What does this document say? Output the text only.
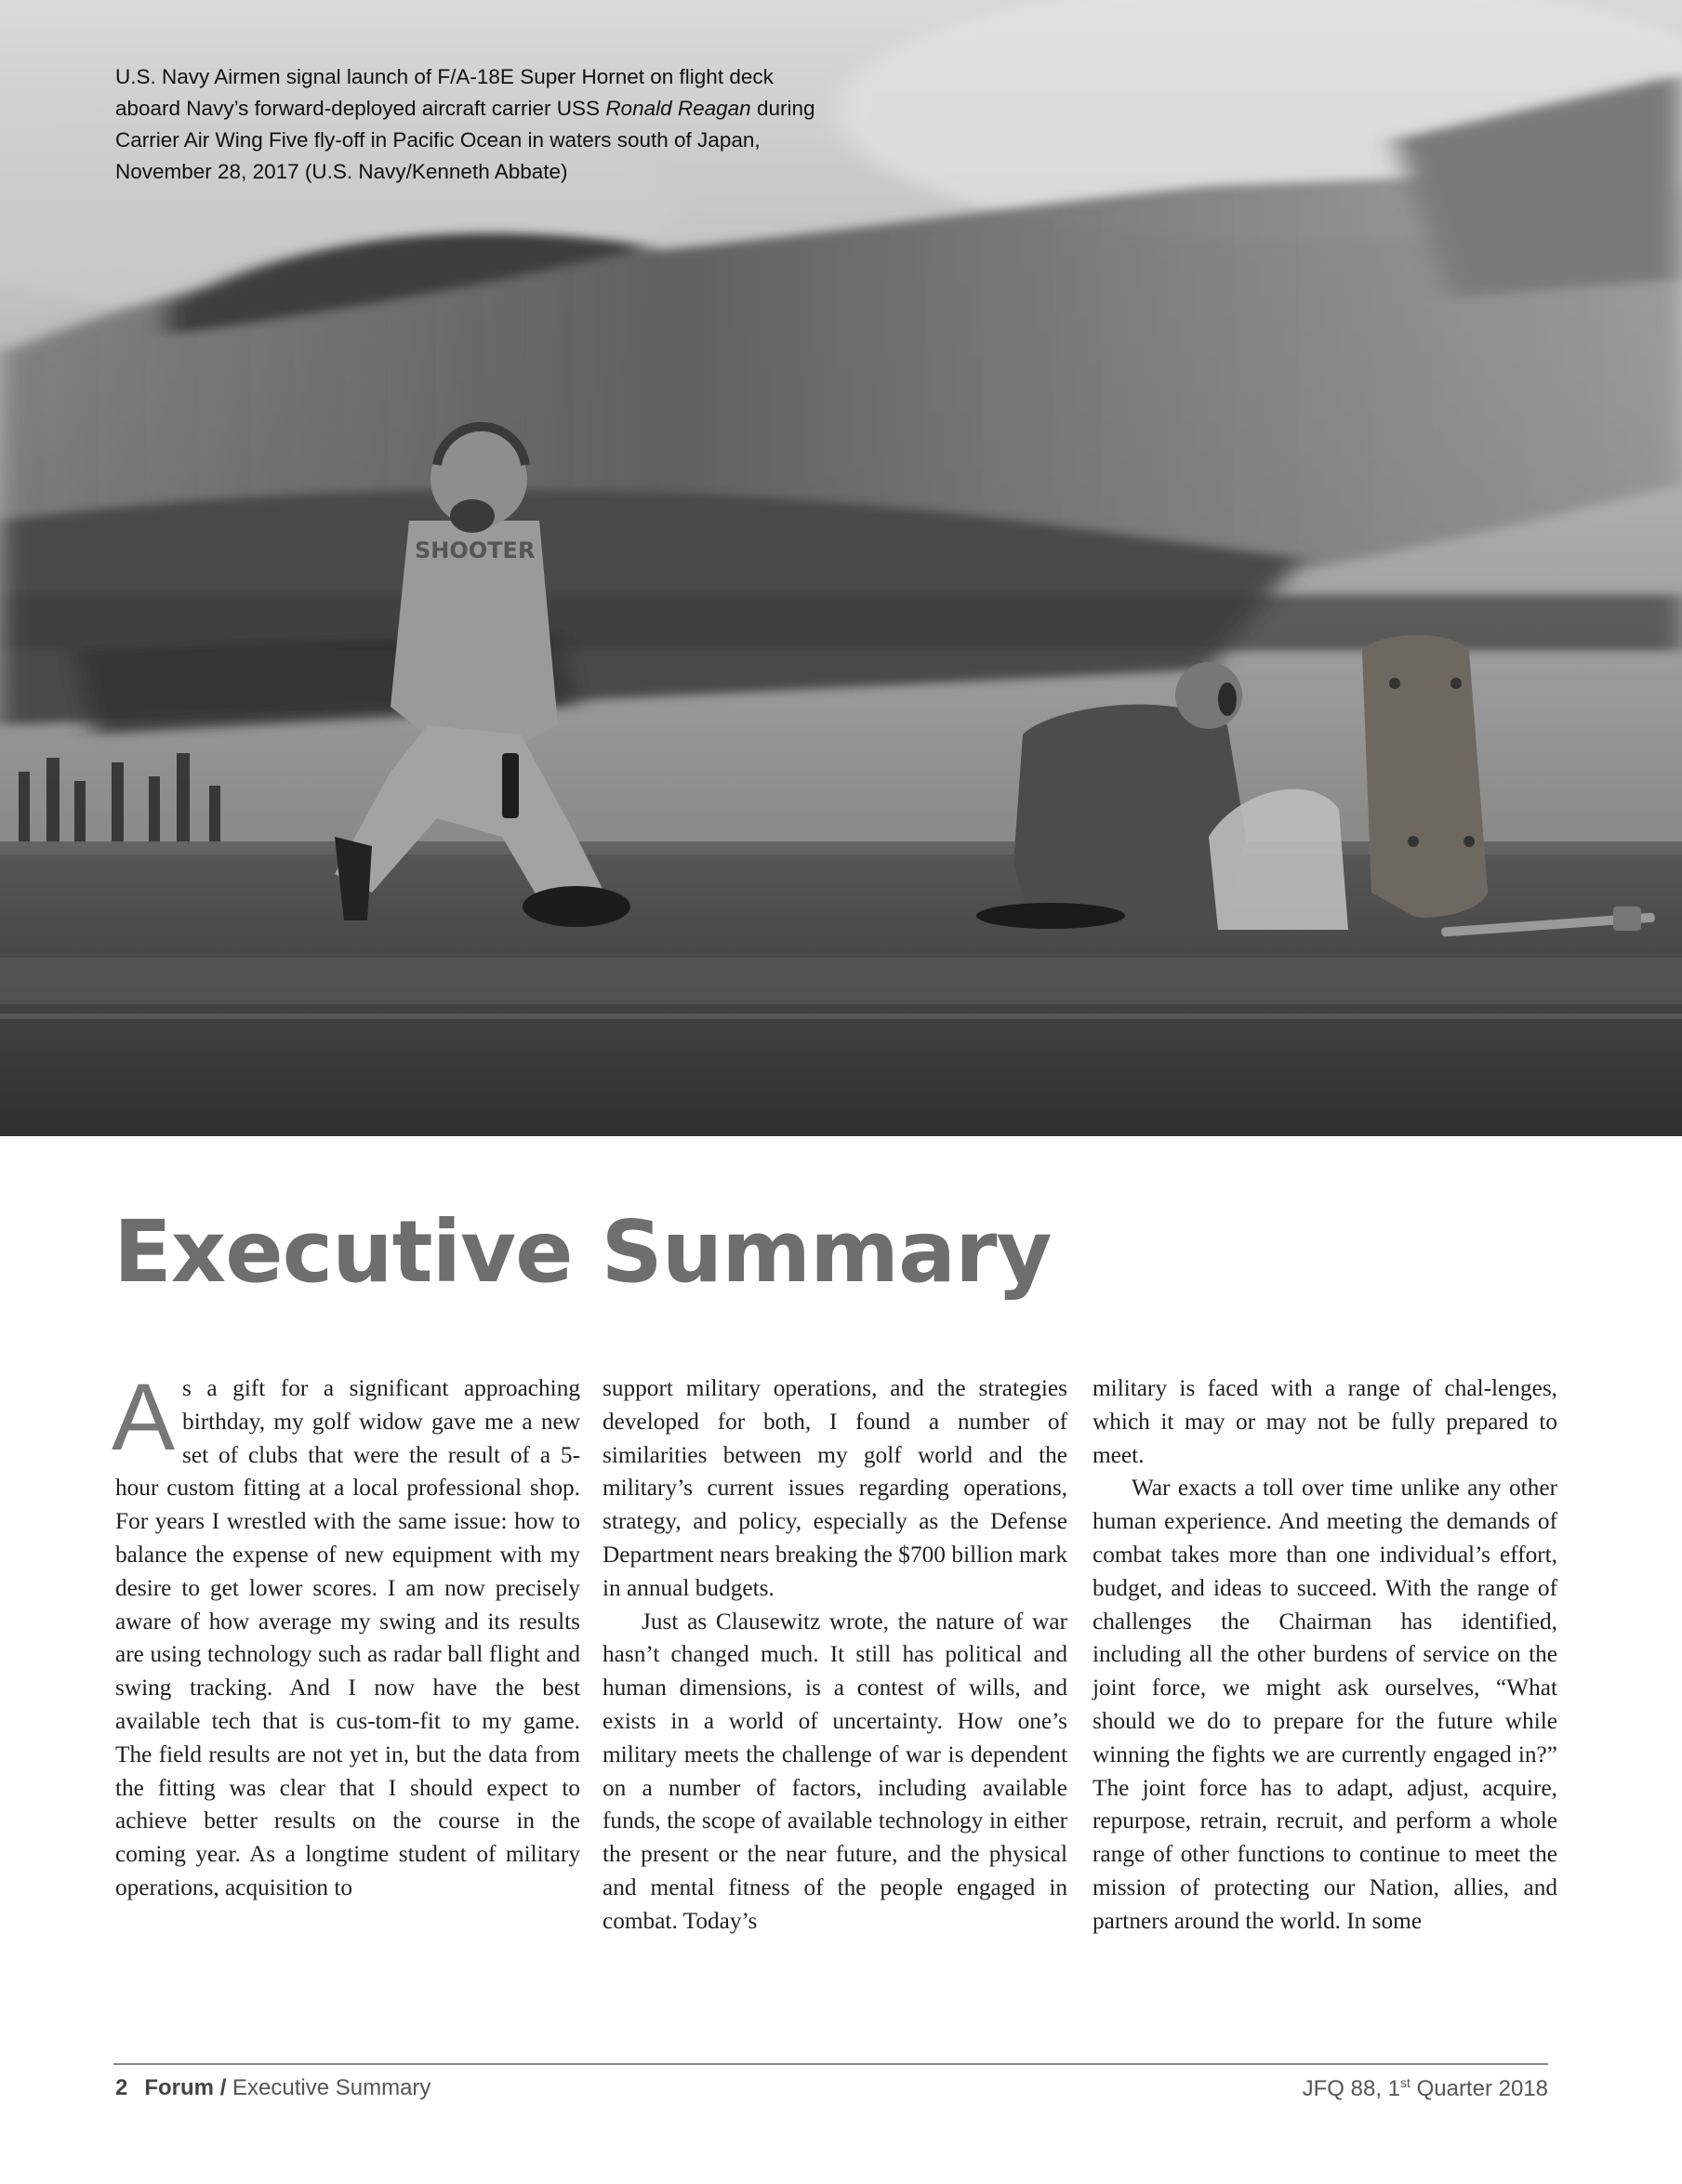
SHOOTER
U.S. Navy Airmen signal launch of F/A-18E Super Hornet on flight deck aboard Navy’s forward-deployed aircraft carrier USS Ronald Reagan during Carrier Air Wing Five fly-off in Pacific Ocean in waters south of Japan, November 28, 2017 (U.S. Navy/Kenneth Abbate)
Executive Summary

As a gift for a significant approaching birthday, my golf widow gave me a new set of clubs that were the result of a 5-hour custom fitting at a local professional shop. For years I wrestled with the same issue: how to balance the expense of new equipment with my desire to get lower scores. I am now precisely aware of how average my swing and its results are using technology such as radar ball flight and swing tracking. And I now have the best available tech that is cus-tom-fit to my game. The field results are not yet in, but the data from the fitting was clear that I should expect to achieve better results on the course in the coming year. As a longtime student of military operations, acquisition to

support military operations, and the strategies developed for both, I found a number of similarities between my golf world and the military’s current issues regarding operations, strategy, and policy, especially as the Defense Department nears breaking the $700 billion mark in annual budgets.

Just as Clausewitz wrote, the nature of war hasn’t changed much. It still has political and human dimensions, is a contest of wills, and exists in a world of uncertainty. How one’s military meets the challenge of war is dependent on a number of factors, including available funds, the scope of available technology in either the present or the near future, and the physical and mental fitness of the people engaged in combat. Today’s

military is faced with a range of chal-lenges, which it may or may not be fully prepared to meet.

War exacts a toll over time unlike any other human experience. And meeting the demands of combat takes more than one individual’s effort, budget, and ideas to succeed. With the range of challenges the Chairman has identified, including all the other burdens of service on the joint force, we might ask ourselves, “What should we do to prepare for the future while winning the fights we are currently engaged in?” The joint force has to adapt, adjust, acquire, repurpose, retrain, recruit, and perform a whole range of other functions to continue to meet the mission of protecting our Nation, allies, and partners around the world. In some

2 Forum / Executive Summary	JFQ 88, 1st Quarter 2018
